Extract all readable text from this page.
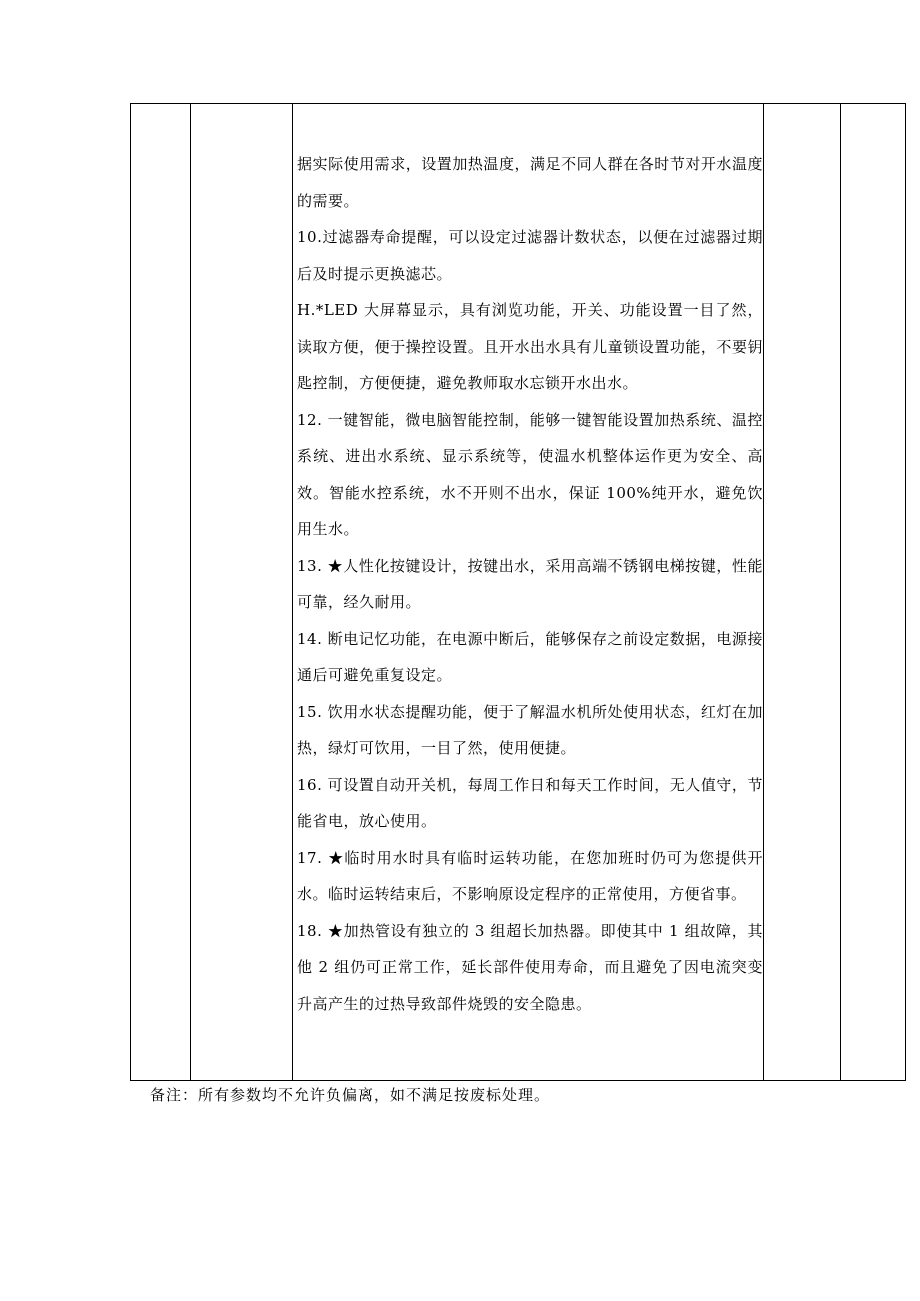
据实际使用需求，设置加热温度，满足不同人群在各时节对开水温度的需要。

10.过滤器寿命提醒，可以设定过滤器计数状态，以便在过滤器过期后及时提示更换滤芯。

H.*LED 大屏幕显示，具有浏览功能，开关、功能设置一目了然，读取方便，便于操控设置。且开水出水具有儿童锁设置功能，不要钥匙控制，方便便捷，避免教师取水忘锁开水出水。

12. 一键智能，微电脑智能控制，能够一键智能设置加热系统、温控系统、进出水系统、显示系统等，使温水机整体运作更为安全、高效。智能水控系统，水不开则不出水，保证 100%纯开水，避免饮用生水。

13. ★人性化按键设计，按键出水，采用高端不锈钢电梯按键，性能可靠，经久耐用。

14. 断电记忆功能，在电源中断后，能够保存之前设定数据，电源接通后可避免重复设定。

15. 饮用水状态提醒功能，便于了解温水机所处使用状态，红灯在加热，绿灯可饮用，一目了然，使用便捷。

16. 可设置自动开关机，每周工作日和每天工作时间，无人值守，节能省电，放心使用。

17. ★临时用水时具有临时运转功能，在您加班时仍可为您提供开水。临时运转结束后，不影响原设定程序的正常使用，方便省事。

18. ★加热管设有独立的 3 组超长加热器。即使其中 1 组故障，其他 2 组仍可正常工作，延长部件使用寿命，而且避免了因电流突变升高产生的过热导致部件烧毁的安全隐患。

备注：所有参数均不允许负偏离，如不满足按废标处理。
